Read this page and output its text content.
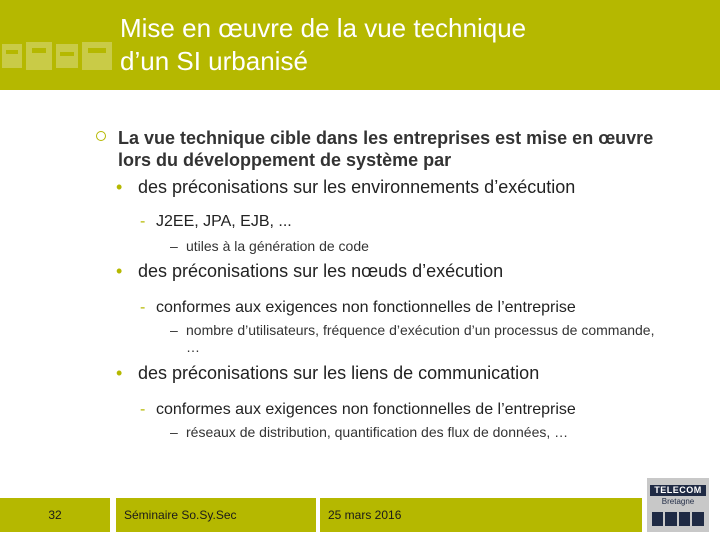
Mise en œuvre de la vue technique
d’un SI urbanisé
La vue technique cible dans les entreprises est mise en œuvre lors du développement de système par
• des préconisations sur les environnements d’exécution
- J2EE, JPA, EJB, ...
– utiles à la génération de code
• des préconisations sur les nœuds d’exécution
- conformes aux exigences non fonctionnelles de l’entreprise
– nombre d’utilisateurs, fréquence d’exécution d’un processus de commande, …
• des préconisations sur les liens de communication
- conformes aux exigences non fonctionnelles de l’entreprise
– réseaux de distribution, quantification des flux de données, …
32	Séminaire So.Sy.Sec	25 mars 2016
TELECOM
Bretagne
